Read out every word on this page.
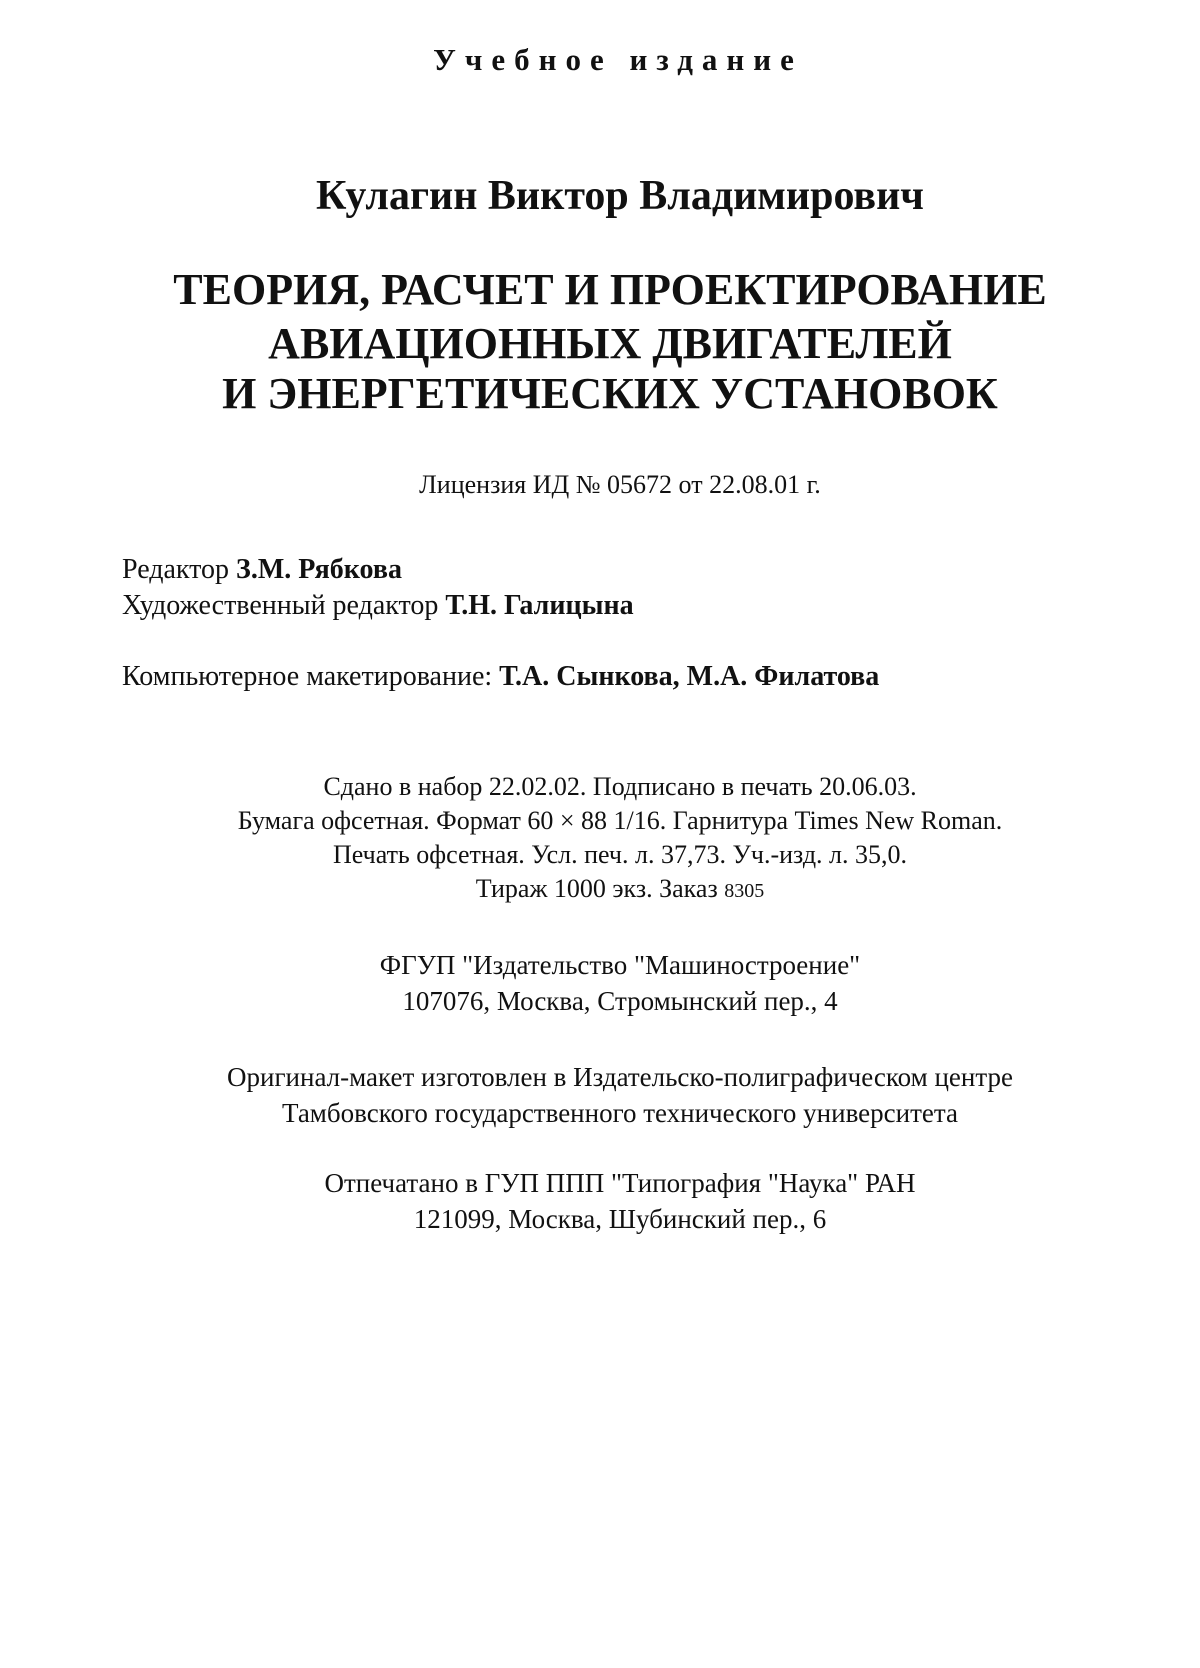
Учебное издание
Кулагин Виктор Владимирович
ТЕОРИЯ, РАСЧЕТ И ПРОЕКТИРОВАНИЕ
АВИАЦИОННЫХ ДВИГАТЕЛЕЙ
И ЭНЕРГЕТИЧЕСКИХ УСТАНОВОК
Лицензия ИД № 05672 от 22.08.01 г.
Редактор З.М. Рябкова
Художественный редактор Т.Н. Галицына
Компьютерное макетирование: Т.А. Сынкова, М.А. Филатова
Сдано в набор 22.02.02. Подписано в печать 20.06.03.
Бумага офсетная. Формат 60 × 88 1/16. Гарнитура Times New Roman.
Печать офсетная. Усл. печ. л. 37,73. Уч.-изд. л. 35,0.
Тираж 1000 экз. Заказ 8305
ФГУП "Издательство "Машиностроение"
107076, Москва, Стромынский пер., 4
Оригинал-макет изготовлен в Издательско-полиграфическом центре
Тамбовского государственного технического университета
Отпечатано в ГУП ППП "Типография "Наука" РАН
121099, Москва, Шубинский пер., 6
